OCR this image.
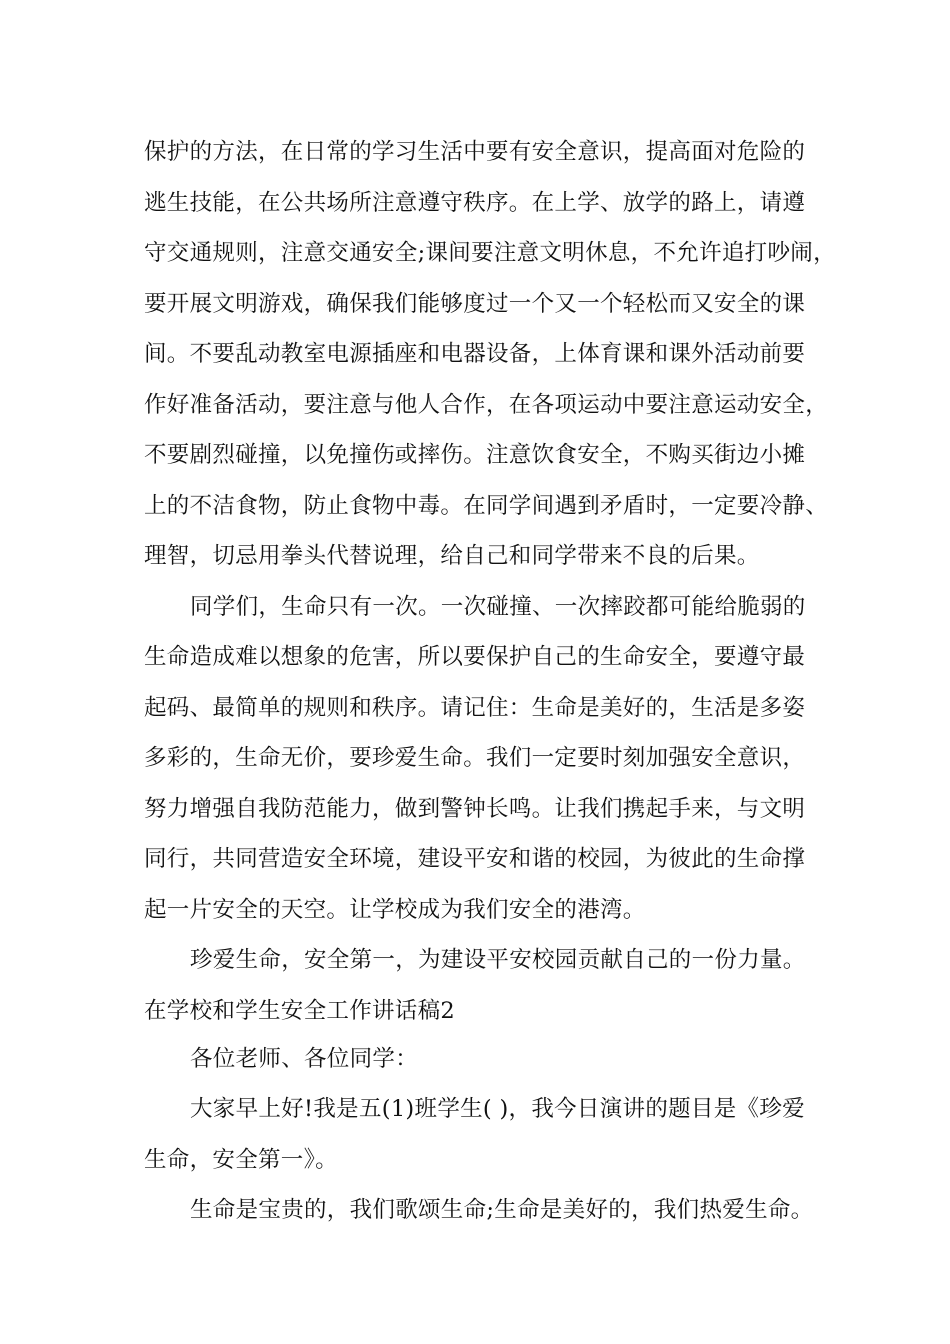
保护的方法，在日常的学习生活中要有安全意识，提高面对危险的
逃生技能，在公共场所注意遵守秩序。在上学、放学的路上，请遵
守交通规则，注意交通安全;课间要注意文明休息，不允许追打吵闹，
要开展文明游戏，确保我们能够度过一个又一个轻松而又安全的课
间。不要乱动教室电源插座和电器设备，上体育课和课外活动前要
作好准备活动，要注意与他人合作，在各项运动中要注意运动安全，
不要剧烈碰撞，以免撞伤或摔伤。注意饮食安全，不购买街边小摊
上的不洁食物，防止食物中毒。在同学间遇到矛盾时，一定要冷静、
理智，切忌用拳头代替说理，给自己和同学带来不良的后果。
同学们，生命只有一次。一次碰撞、一次摔跤都可能给脆弱的
生命造成难以想象的危害，所以要保护自己的生命安全，要遵守最
起码、最简单的规则和秩序。请记住：生命是美好的，生活是多姿
多彩的，生命无价，要珍爱生命。我们一定要时刻加强安全意识，
努力增强自我防范能力，做到警钟长鸣。让我们携起手来，与文明
同行，共同营造安全环境，建设平安和谐的校园，为彼此的生命撑
起一片安全的天空。让学校成为我们安全的港湾。
珍爱生命，安全第一，为建设平安校园贡献自己的一份力量。
在学校和学生安全工作讲话稿2
各位老师、各位同学：
大家早上好!我是五(1)班学生( )，我今日演讲的题目是《珍爱
生命，安全第一》。
生命是宝贵的，我们歌颂生命;生命是美好的，我们热爱生命。
